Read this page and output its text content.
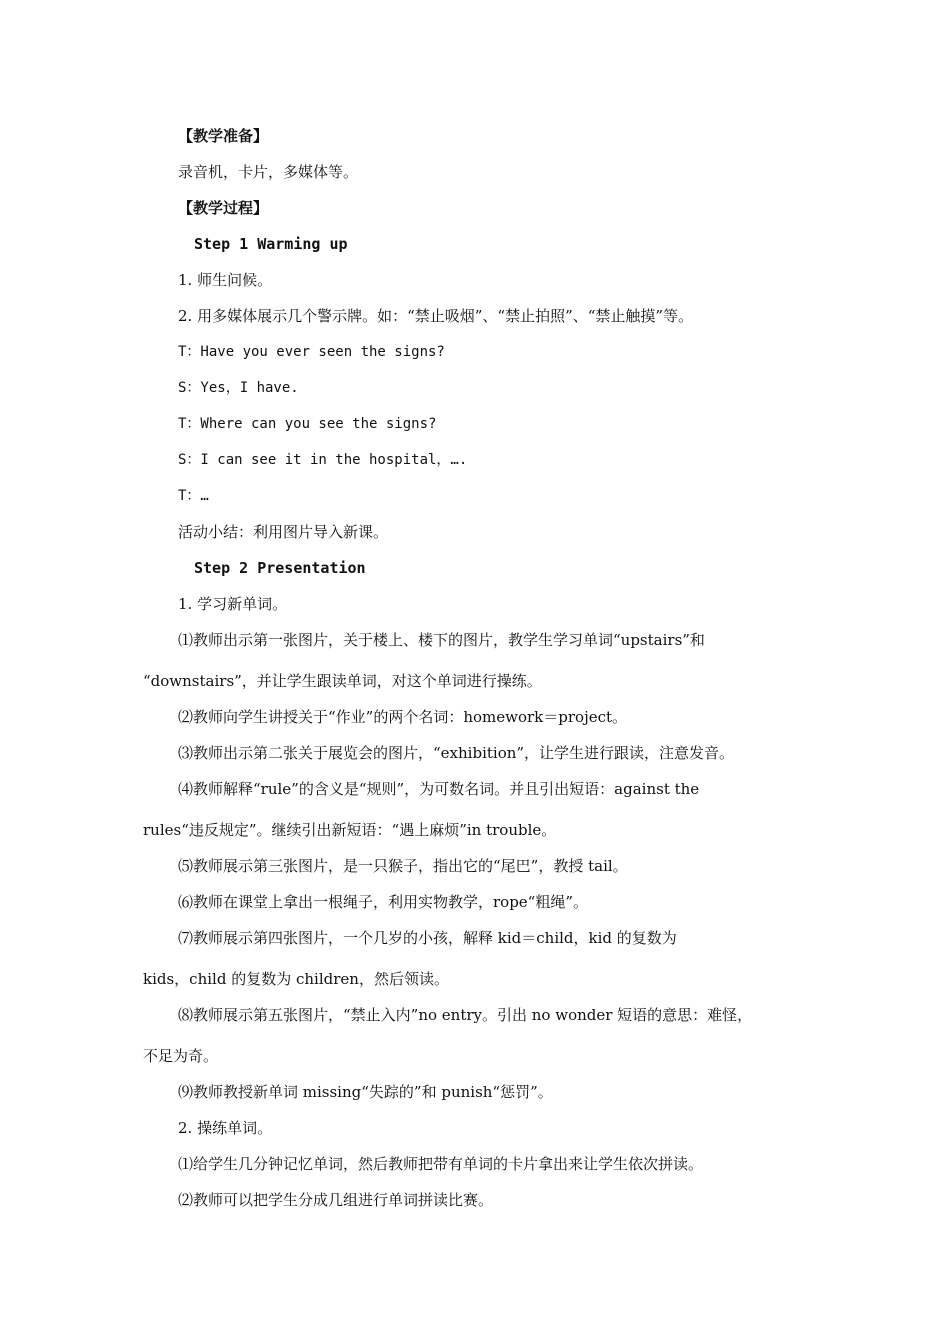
【教学准备】
录音机，卡片，多媒体等。
【教学过程】
Step 1 Warming up
1. 师生问候。
2. 用多媒体展示几个警示牌。如：“禁止吸烟”、“禁止拍照”、“禁止触摸”等。
T：Have you ever seen the signs?
S：Yes，I have.
T：Where can you see the signs?
S：I can see it in the hospital，….
T：…
活动小结：利用图片导入新课。
Step 2 Presentation
1. 学习新单词。
⑴教师出示第一张图片，关于楼上、楼下的图片，教学生学习单词“upstairs”和
“downstairs”，并让学生跟读单词，对这个单词进行操练。
⑵教师向学生讲授关于“作业”的两个名词：homework＝project。
⑶教师出示第二张关于展览会的图片，“exhibition”，让学生进行跟读，注意发音。
⑷教师解释“rule”的含义是“规则”，为可数名词。并且引出短语：against the
rules“违反规定”。继续引出新短语：“遇上麻烦”in trouble。
⑸教师展示第三张图片，是一只猴子，指出它的“尾巴”，教授 tail。
⑹教师在课堂上拿出一根绳子，利用实物教学，rope“粗绳”。
⑺教师展示第四张图片，一个几岁的小孩，解释 kid＝child，kid 的复数为
kids，child 的复数为 children，然后领读。
⑻教师展示第五张图片，“禁止入内”no entry。引出 no wonder 短语的意思：难怪，
不足为奇。
⑼教师教授新单词 missing“失踪的”和 punish“惩罚”。
2. 操练单词。
⑴给学生几分钟记忆单词，然后教师把带有单词的卡片拿出来让学生依次拼读。
⑵教师可以把学生分成几组进行单词拼读比赛。
